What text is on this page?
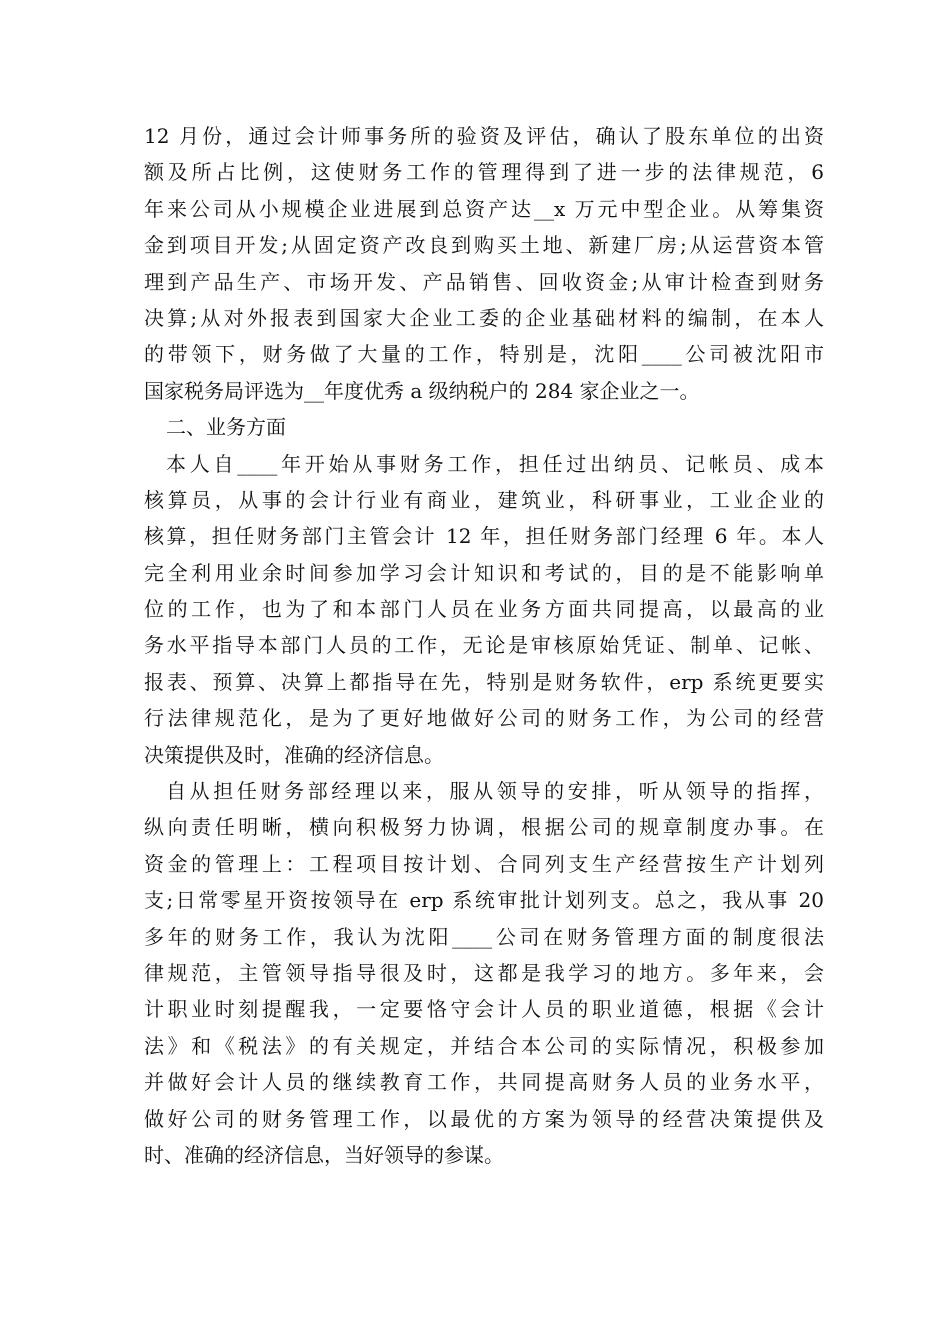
12 月份，通过会计师事务所的验资及评估，确认了股东单位的出资
额及所占比例，这使财务工作的管理得到了进一步的法律规范，6
年来公司从小规模企业进展到总资产达__x 万元中型企业。从筹集资
金到项目开发;从固定资产改良到购买土地、新建厂房;从运营资本管
理到产品生产、市场开发、产品销售、回收资金;从审计检查到财务
决算;从对外报表到国家大企业工委的企业基础材料的编制，在本人
的带领下，财务做了大量的工作，特别是，沈阳____公司被沈阳市
国家税务局评选为__年度优秀 a 级纳税户的 284 家企业之一。
二、业务方面
本人自____年开始从事财务工作，担任过出纳员、记帐员、成本
核算员，从事的会计行业有商业，建筑业，科研事业，工业企业的
核算，担任财务部门主管会计 12 年，担任财务部门经理 6 年。本人
完全利用业余时间参加学习会计知识和考试的，目的是不能影响单
位的工作，也为了和本部门人员在业务方面共同提高，以最高的业
务水平指导本部门人员的工作，无论是审核原始凭证、制单、记帐、
报表、预算、决算上都指导在先，特别是财务软件，erp 系统更要实
行法律规范化，是为了更好地做好公司的财务工作，为公司的经营
决策提供及时，准确的经济信息。
自从担任财务部经理以来，服从领导的安排，听从领导的指挥，
纵向责任明晰，横向积极努力协调，根据公司的规章制度办事。在
资金的管理上：工程项目按计划、合同列支生产经营按生产计划列
支;日常零星开资按领导在 erp 系统审批计划列支。总之，我从事 20
多年的财务工作，我认为沈阳____公司在财务管理方面的制度很法
律规范，主管领导指导很及时，这都是我学习的地方。多年来，会
计职业时刻提醒我，一定要恪守会计人员的职业道德，根据《会计
法》和《税法》的有关规定，并结合本公司的实际情况，积极参加
并做好会计人员的继续教育工作，共同提高财务人员的业务水平，
做好公司的财务管理工作，以最优的方案为领导的经营决策提供及
时、准确的经济信息，当好领导的参谋。
